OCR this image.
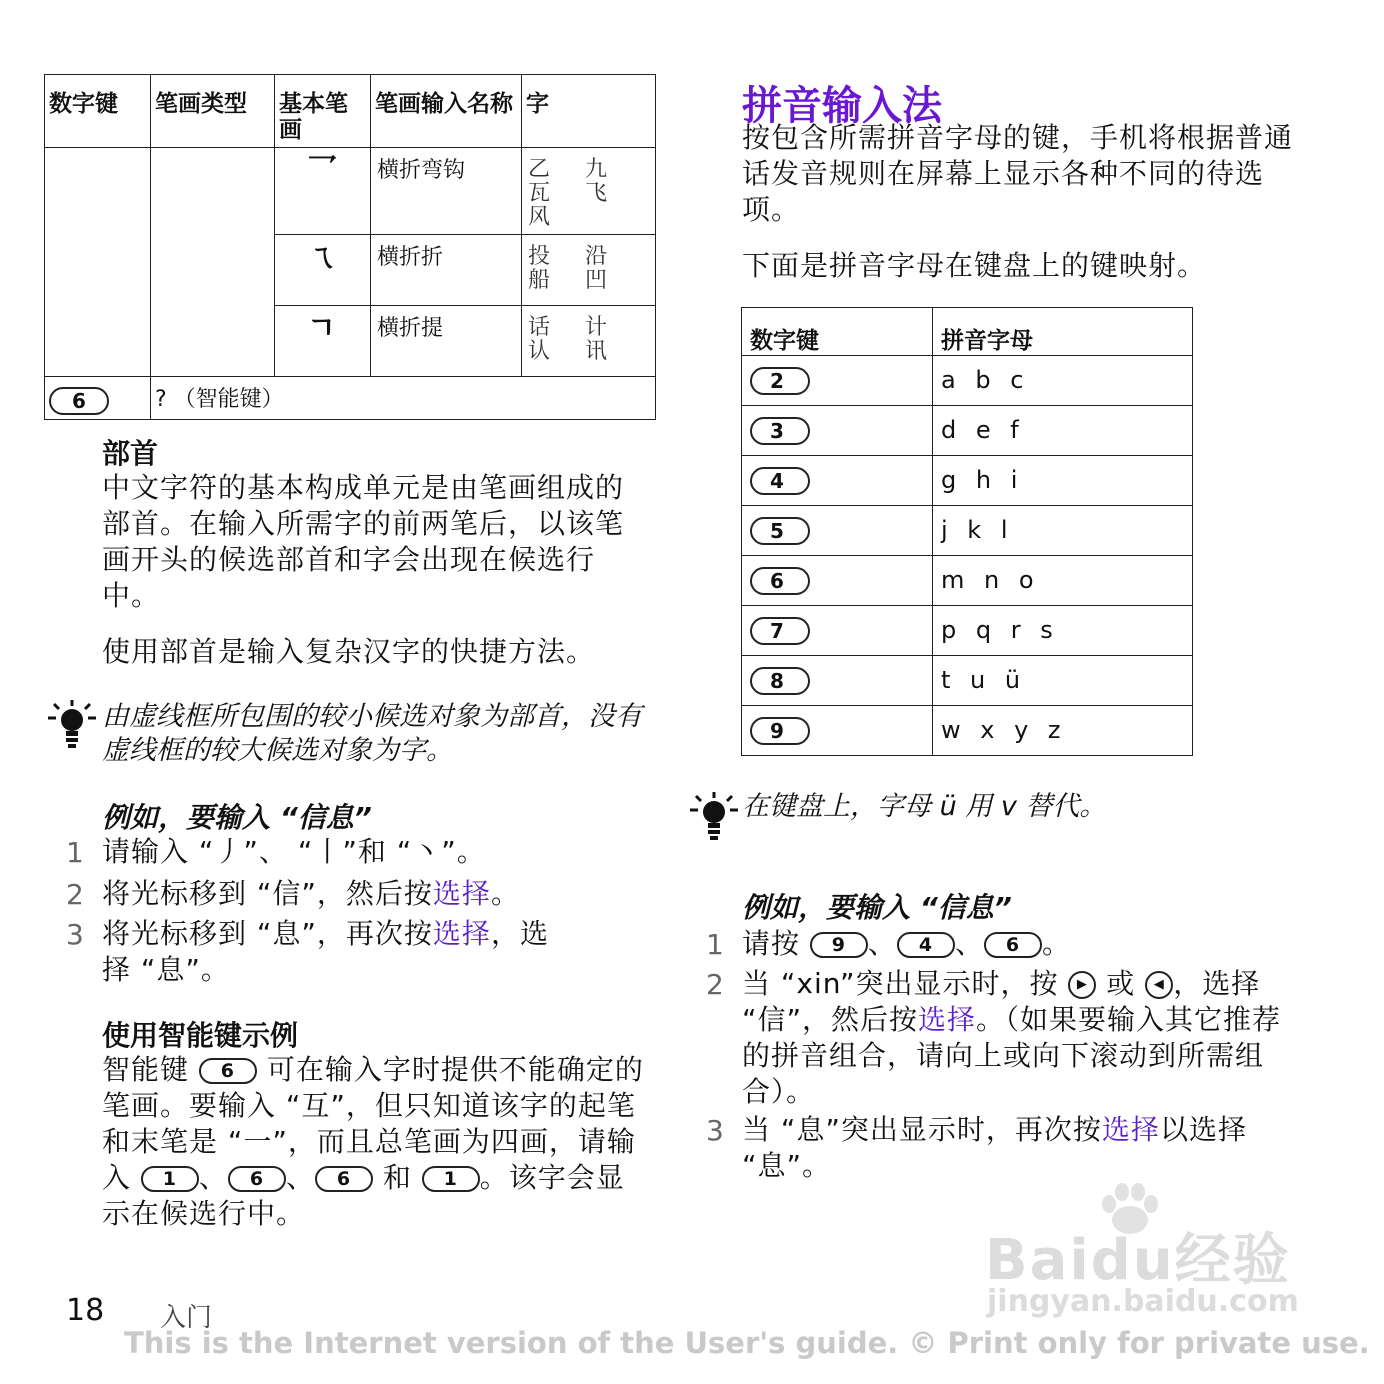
数字键	笔画类型	基本笔画	笔画输入名称	字
		乛	横折弯钩	乙 九 瓦 飞 风
		ㄟ	横折折	投 沿 船 凹
		ㄱ	横折提	话 计 认 讯
6	? （智能键）			
部首
中文字符的基本构成单元是由笔画组成的部首。在输入所需字的前两笔后，以该笔画开头的候选部首和字会出现在候选行中。
使用部首是输入复杂汉字的快捷方法。
由虚线框所包围的较小候选对象为部首，没有虚线框的较大候选对象为字。
例如，要输入 “信息”
1 请输入 “丿”、 “丨”和 “丶”。
2 将光标移到 “信”，然后按选择。
3 将光标移到 “息”，再次按选择，选择 “息”。
使用智能键示例
智能键 6 可在输入字时提供不能确定的笔画。要输入 “互”，但只知道该字的起笔和末笔是 “一”，而且总笔画为四画，请输入 1 、 6 、 6 和 1 。该字会显示在候选行中。
拼音输入法
按包含所需拼音字母的键，手机将根据普通话发音规则在屏幕上显示各种不同的待选项。
下面是拼音字母在键盘上的键映射。
数字键	拼音字母
2	a b c
3	d e f
4	g h i
5	j k l
6	m n o
7	p q r s
8	t u ü
9	w x y z
在键盘上，字母 ü 用 v 替代。
例如，要输入 “信息”
1 请按 9 、 4 、 6 。
2 当 “xin”突出显示时，按 ▶ 或 ◀ ，选择 “信”，然后按选择。（如果要输入其它推荐的拼音组合，请向上或向下滚动到所需组合）。
3 当 “息”突出显示时，再次按选择以选择 “息”。
18 入门
This is the Internet version of the User's guide. © Print only for private use.
Baidu经验
jingyan.baidu.com
